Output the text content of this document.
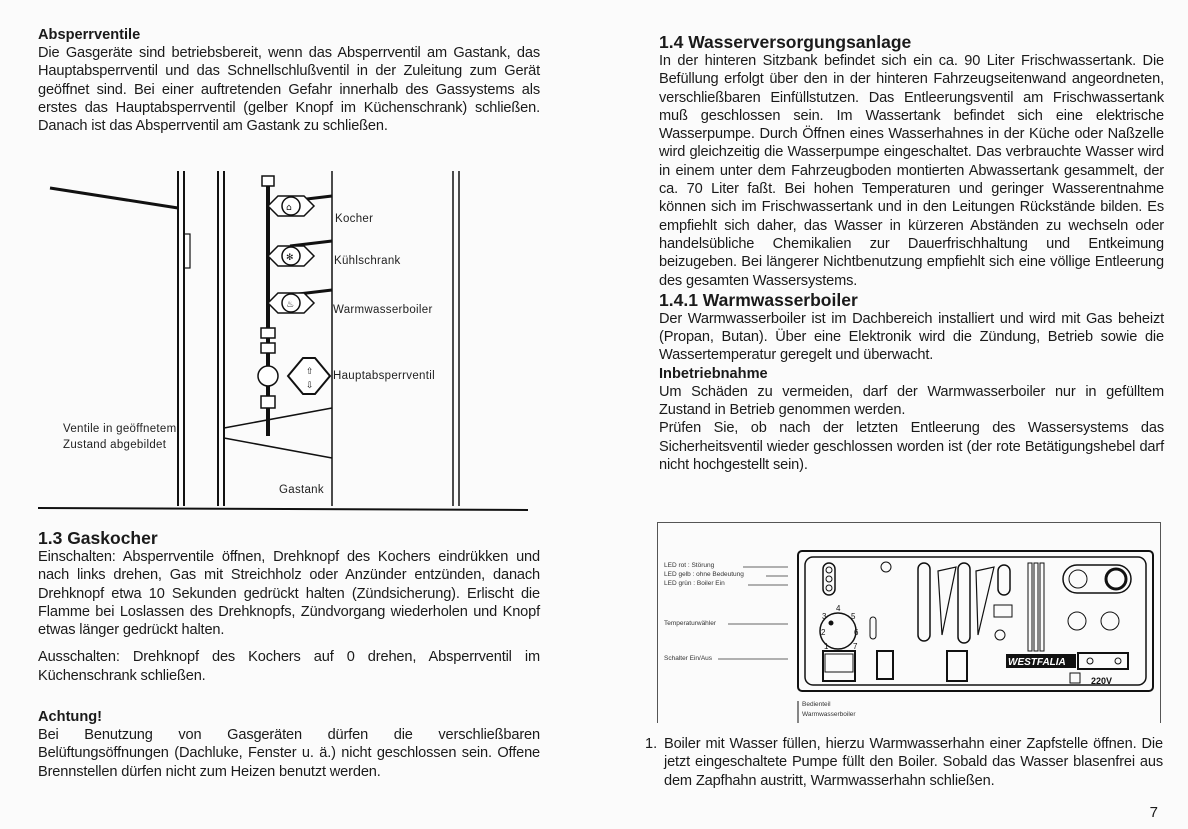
Absperrventile

Die Gasgeräte sind betriebsbereit, wenn das Absperrventil am Gastank, das Hauptabsperrventil und das Schnellschlußventil in der Zuleitung zum Gerät geöffnet sind. Bei einer auftretenden Gefahr innerhalb des Gassystems als erstes das Hauptabsperrventil (gelber Knopf im Küchenschrank) schließen. Danach ist das Absperrventil am Gastank zu schließen.

⌂
✻
♨
⇧
⇩
Kocher
Kühlschrank
Warmwasserboiler
Hauptabsperrventil
Ventile in geöffnetem
Zustand abgebildet
Gastank
1.3 Gaskocher

Einschalten: Absperrventile öffnen, Drehknopf des Kochers eindrükken und nach links drehen, Gas mit Streichholz oder Anzünder entzünden, danach Drehknopf etwa 10 Sekunden gedrückt halten (Zündsicherung). Erlischt die Flamme bei Loslassen des Drehknopfs, Zündvorgang wiederholen und Knopf etwas länger gedrückt halten.

Ausschalten: Drehknopf des Kochers auf 0 drehen, Absperrventil im Küchenschrank schließen.

Achtung!

Bei Benutzung von Gasgeräten dürfen die verschließbaren Belüftungsöffnungen (Dachluke, Fenster u. ä.) nicht geschlossen sein. Offene Brennstellen dürfen nicht zum Heizen benutzt werden.

1.4 Wasserversorgungsanlage

In der hinteren Sitzbank befindet sich ein ca. 90 Liter Frischwassertank. Die Befüllung erfolgt über den in der hinteren Fahrzeugseitenwand angeordneten, verschließbaren Einfüllstutzen. Das Entleerungsventil am Frischwassertank muß geschlossen sein. Im Wassertank befindet sich eine elektrische Wasserpumpe. Durch Öffnen eines Wasserhahnes in der Küche oder Naßzelle wird gleichzeitig die Wasserpumpe eingeschaltet. Das verbrauchte Wasser wird in einem unter dem Fahrzeugboden montierten Abwassertank gesammelt, der ca. 70 Liter faßt. Bei hohen Temperaturen und geringer Wasserentnahme können sich im Frischwassertank und in den Leitungen Rückstände bilden. Es empfiehlt sich daher, das Wasser in kürzeren Abständen zu wechseln oder handelsübliche Chemikalien zur Dauerfrischhaltung und Entkeimung beizugeben. Bei längerer Nichtbenutzung empfiehlt sich eine völlige Entleerung des gesamten Wassersystems.

1.4.1 Warmwasserboiler

Der Warmwasserboiler ist im Dachbereich installiert und wird mit Gas beheizt (Propan, Butan). Über eine Elektronik wird die Zündung, Betrieb sowie die Wassertemperatur geregelt und überwacht.

Inbetriebnahme

Um Schäden zu vermeiden, darf der Warmwasserboiler nur in gefülltem Zustand in Betrieb genommen werden.

Prüfen Sie, ob nach der letzten Entleerung des Wassersystems das Sicherheitsventil wieder geschlossen worden ist (der rote Betätigungshebel darf nicht hochgestellt sein).

WESTFALIA
220V
2
3
4
5
6
1	7
LED rot : Störung
LED gelb : ohne Bedeutung
LED grün : Boiler Ein
Temperaturwähler
Schalter Ein/Aus
Bedienteil
Warmwasserboiler
1. Boiler mit Wasser füllen, hierzu Warmwasserhahn einer Zapfstelle öffnen. Die jetzt eingeschaltete Pumpe füllt den Boiler. Sobald das Wasser blasenfrei aus dem Zapfhahn austritt, Warmwasserhahn schließen.

7
